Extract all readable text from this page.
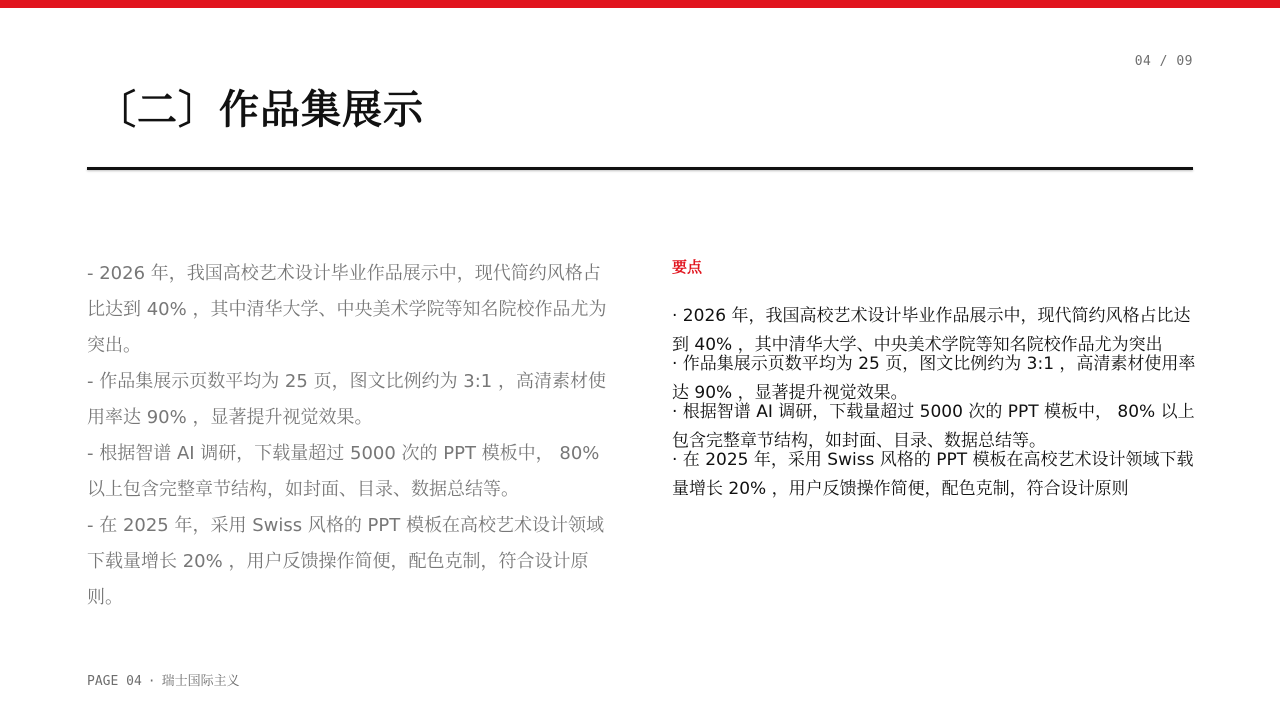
04 / 09
〔二〕作品集展示

- 2026 年，我国高校艺术设计毕业作品展示中，现代简约风格占比达到 40% ，其中清华大学、中央美术学院等知名院校作品尤为突出。

- 作品集展示页数平均为 25 页，图文比例约为 3:1 ，高清素材使用率达 90% ，显著提升视觉效果。

- 根据智谱 AI 调研，下载量超过 5000 次的 PPT 模板中， 80% 以上包含完整章节结构，如封面、目录、数据总结等。

- 在 2025 年，采用 Swiss 风格的 PPT 模板在高校艺术设计领域下载量增长 20% ，用户反馈操作简便，配色克制，符合设计原则。

要点
· 2026 年，我国高校艺术设计毕业作品展示中，现代简约风格占比达到 40% ，其中清华大学、中央美术学院等知名院校作品尤为突出
· 作品集展示页数平均为 25 页，图文比例约为 3:1 ，高清素材使用率达 90% ，显著提升视觉效果。
· 根据智谱 AI 调研，下载量超过 5000 次的 PPT 模板中， 80% 以上包含完整章节结构，如封面、目录、数据总结等。
· 在 2025 年，采用 Swiss 风格的 PPT 模板在高校艺术设计领域下载量增长 20% ，用户反馈操作简便，配色克制，符合设计原则
PAGE 04 · 瑞士国际主义
